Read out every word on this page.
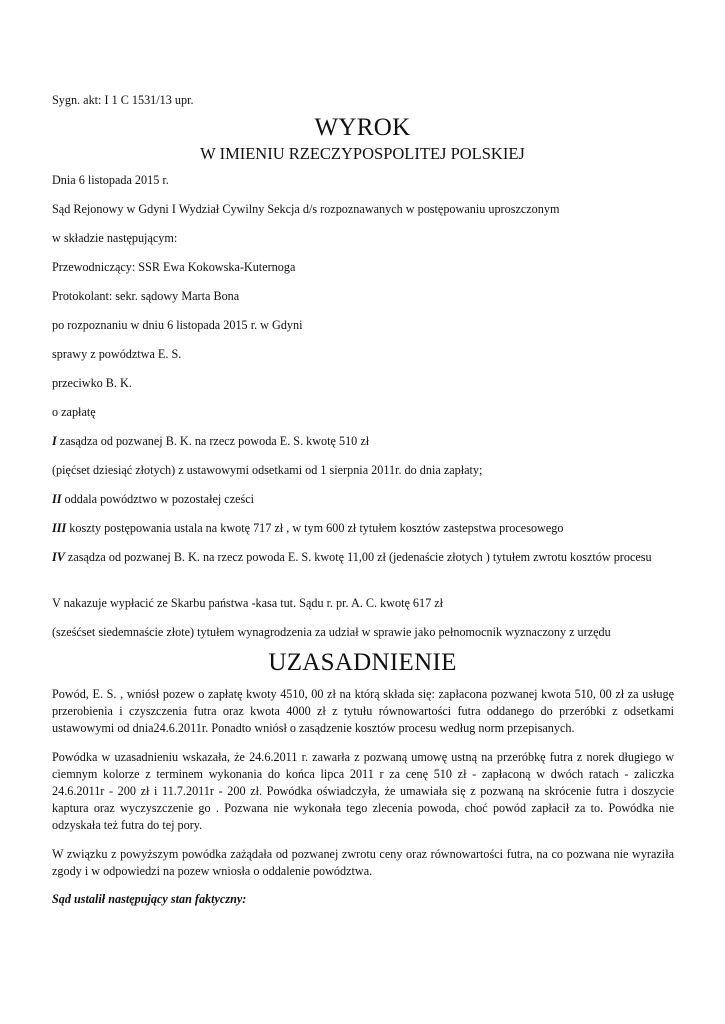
Sygn. akt: I 1 C 1531/13 upr.
WYROK
W IMIENIU RZECZYPOSPOLITEJ POLSKIEJ
Dnia 6 listopada 2015 r.
Sąd Rejonowy w Gdyni I Wydział Cywilny Sekcja d/s rozpoznawanych w postępowaniu uproszczonym
w składzie następującym:
Przewodniczący: SSR Ewa Kokowska-Kuternoga
Protokolant: sekr. sądowy Marta Bona
po rozpoznaniu w dniu 6 listopada 2015 r. w Gdyni
sprawy z powództwa E. S.
przeciwko B. K.
o zapłatę
I zasądza od pozwanej B. K. na rzecz powoda E. S. kwotę 510 zł
(pięćset dziesiąć złotych) z ustawowymi odsetkami od 1 sierpnia 2011r. do dnia zapłaty;
II oddala powództwo w pozostałej cześci
III koszty postępowania ustala na kwotę 717 zł , w tym 600 zł tytułem kosztów zastepstwa procesowego
IV zasądza od pozwanej B. K. na rzecz powoda E. S. kwotę 11,00 zł (jedenaście złotych ) tytułem zwrotu kosztów procesu
V nakazuje wypłacić ze Skarbu państwa -kasa tut. Sądu r. pr. A. C. kwotę 617 zł
(sześćset siedemnaście złote) tytułem wynagrodzenia za udział w sprawie jako pełnomocnik wyznaczony z urzędu
UZASADNIENIE
Powód, E. S. , wniósł pozew o zapłatę kwoty 4510, 00 zł na którą składa się: zapłacona pozwanej kwota 510, 00 zł za usługę przerobienia i czyszczenia futra oraz kwota 4000 zł z tytułu równowartości futra oddanego do przeróbki z odsetkami ustawowymi od dnia24.6.2011r. Ponadto wniósł o zasądzenie kosztów procesu według norm przepisanych.
Powódka w uzasadnieniu wskazała, że 24.6.2011 r. zawarła z pozwaną umowę ustną na przeróbkę futra z norek długiego w ciemnym kolorze z terminem wykonania do końca lipca 2011 r za cenę 510 zł - zapłaconą w dwóch ratach - zaliczka 24.6.2011r - 200 zł i 11.7.2011r - 200 zł. Powódka oświadczyła, że umawiała się z pozwaną na skrócenie futra i doszycie kaptura oraz wyczyszczenie go . Pozwana nie wykonała tego zlecenia powoda, choć powód zapłacił za to. Powódka nie odzyskała też futra do tej pory.
W związku z powyższym powódka zażądała od pozwanej zwrotu ceny oraz równowartości futra, na co pozwana nie wyraziła zgody i w odpowiedzi na pozew wniosła o oddalenie powództwa.
Sąd ustalił następujący stan faktyczny:
